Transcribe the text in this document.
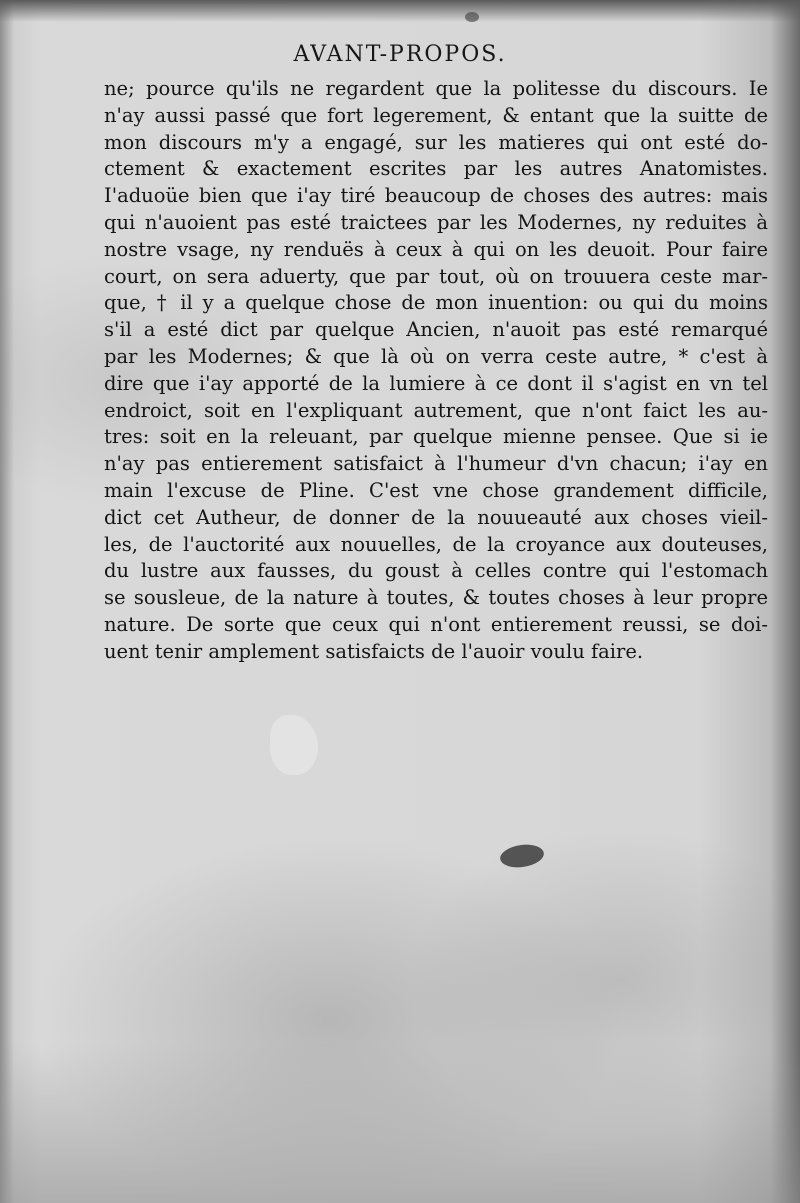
AVANT-PROPOS.
ne; pource qu'ils ne regardent que la politesse du discours. Ie
n'ay aussi passé que fort legerement, & entant que la suitte de
mon discours m'y a engagé, sur les matieres qui ont esté do-
ctement & exactement escrites par les autres Anatomistes.
I'aduoüe bien que i'ay tiré beaucoup de choses des autres: mais
qui n'auoient pas esté traictees par les Modernes, ny reduites à
nostre vsage, ny renduës à ceux à qui on les deuoit. Pour faire
court, on sera aduerty, que par tout, où on trouuera ceste mar-
que, † il y a quelque chose de mon inuention: ou qui du moins
s'il a esté dict par quelque Ancien, n'auoit pas esté remarqué
par les Modernes; & que là où on verra ceste autre, * c'est à
dire que i'ay apporté de la lumiere à ce dont il s'agist en vn tel
endroict, soit en l'expliquant autrement, que n'ont faict les au-
tres: soit en la releuant, par quelque mienne pensee. Que si ie
n'ay pas entierement satisfaict à l'humeur d'vn chacun; i'ay en
main l'excuse de Pline. C'est vne chose grandement difficile,
dict cet Autheur, de donner de la nouueauté aux choses vieil-
les, de l'auctorité aux nouuelles, de la croyance aux douteuses,
du lustre aux fausses, du goust à celles contre qui l'estomach
se sousleue, de la nature à toutes, & toutes choses à leur propre
nature. De sorte que ceux qui n'ont entierement reussi, se doi-
uent tenir amplement satisfaicts de l'auoir voulu faire.
